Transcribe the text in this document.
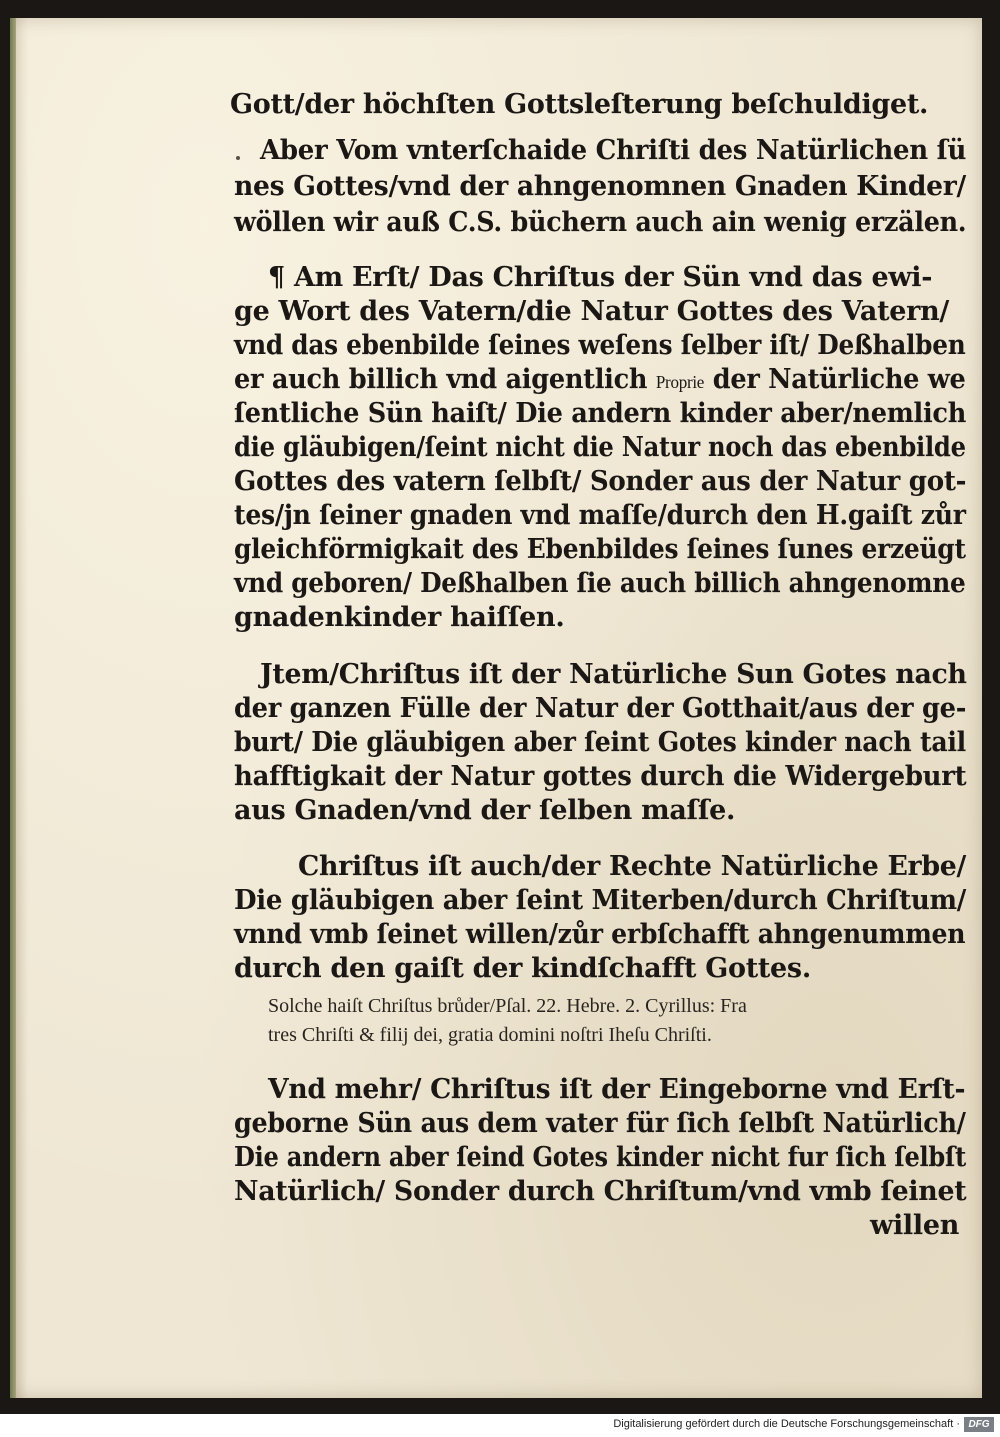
Gott/der höchſten Gottsleſterung beſchuldiget.
Aber Vom vnterſchaide Chriſti des Natürlichen ſü
nes Gottes/vnd der ahngenomnen Gnaden Kinder/
wöllen wir auß C.S. büchern auch ain wenig erzälen.
¶ Am Erſt/ Das Chriſtus der Sün vnd das ewi‑
ge Wort des Vatern/die Natur Gottes des Vatern/
vnd das ebenbilde ſeines weſens ſelber iſt/ Deßhalben
er auch billich vnd aigentlich Proprie der Natürliche we
ſentliche Sün haiſt/ Die andern kinder aber/nemlich
die gläubigen/ſeint nicht die Natur noch das ebenbilde
Gottes des vatern ſelbſt/ Sonder aus der Natur got‑
tes/jn ſeiner gnaden vnd maſſe/durch den H.gaiſt zůr
gleichförmigkait des Ebenbildes ſeines ſunes erzeügt
vnd geboren/ Deßhalben ſie auch billich ahngenomne
gnadenkinder haiſſen.
Jtem/Chriſtus iſt der Natürliche Sun Gotes nach
der ganzen Fülle der Natur der Gotthait/aus der ge‑
burt/ Die gläubigen aber ſeint Gotes kinder nach tail
hafftigkait der Natur gottes durch die Widergeburt
aus Gnaden/vnd der ſelben maſſe.
Chriſtus iſt auch/der Rechte Natürliche Erbe/
Die gläubigen aber ſeint Miterben/durch Chriſtum/
vnnd vmb ſeinet willen/zůr erbſchafft ahngenummen
durch den gaiſt der kindſchafft Gottes.
Solche haiſt Chriſtus brůder/Pſal. 22. Hebre. 2. Cyrillus: Fra
tres Chriſti & filij dei, gratia domini noſtri Iheſu Chriſti.
Vnd mehr/ Chriſtus iſt der Eingeborne vnd Erſt‑
geborne Sün aus dem vater für ſich ſelbſt Natürlich/
Die andern aber ſeind Gotes kinder nicht fur ſich ſelbſt
Natürlich/ Sonder durch Chriſtum/vnd vmb ſeinet
willen
Digitalisierung gefördert durch die Deutsche Forschungsgemeinschaft · DFG
